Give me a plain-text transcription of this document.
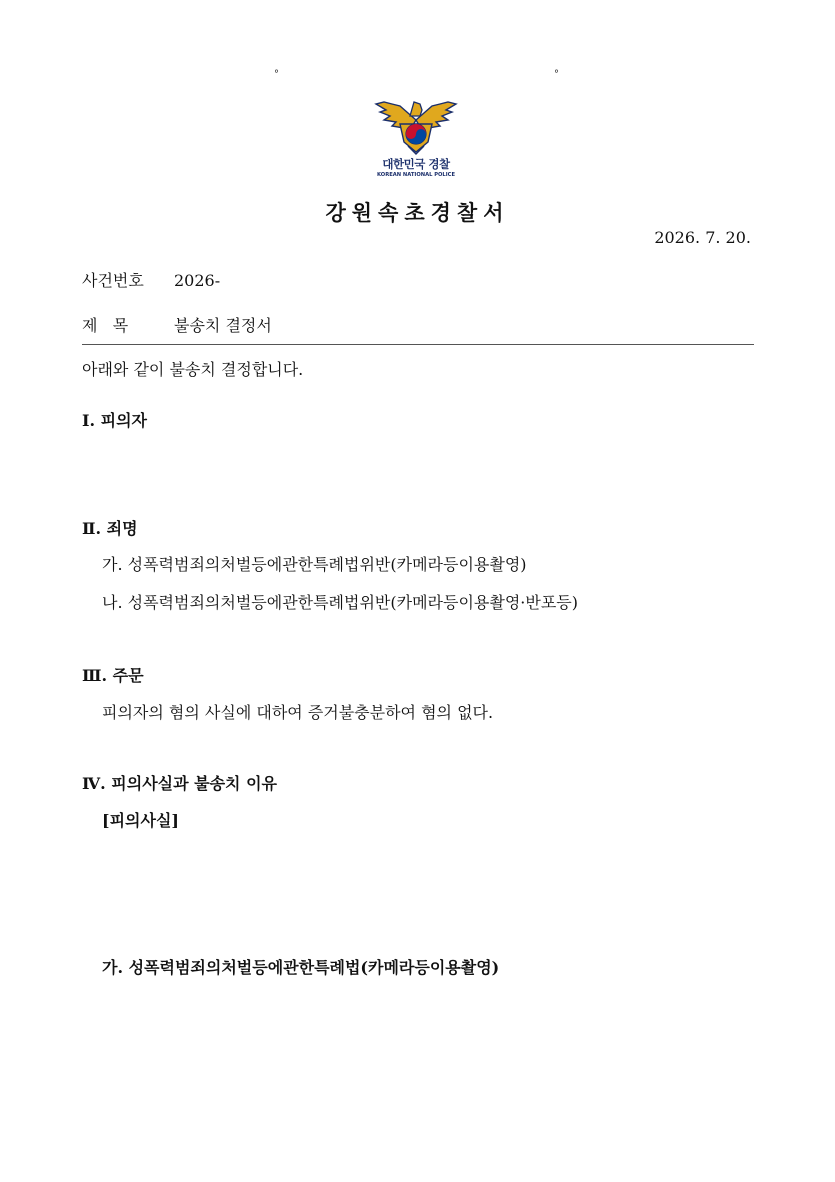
°	°
대한민국 경찰
KOREAN NATIONAL POLICE
강원속초경찰서
2026. 7. 20.
사건번호 2026-
제   목	불송치 결정서
아래와 같이 불송치 결정합니다.
Ⅰ. 피의자
Ⅱ. 죄명
가. 성폭력범죄의처벌등에관한특례법위반(카메라등이용촬영)
나. 성폭력범죄의처벌등에관한특례법위반(카메라등이용촬영·반포등)
Ⅲ. 주문
피의자의 혐의 사실에 대하여 증거불충분하여 혐의 없다.
Ⅳ. 피의사실과 불송치 이유
[피의사실]
가. 성폭력범죄의처벌등에관한특례법(카메라등이용촬영)
